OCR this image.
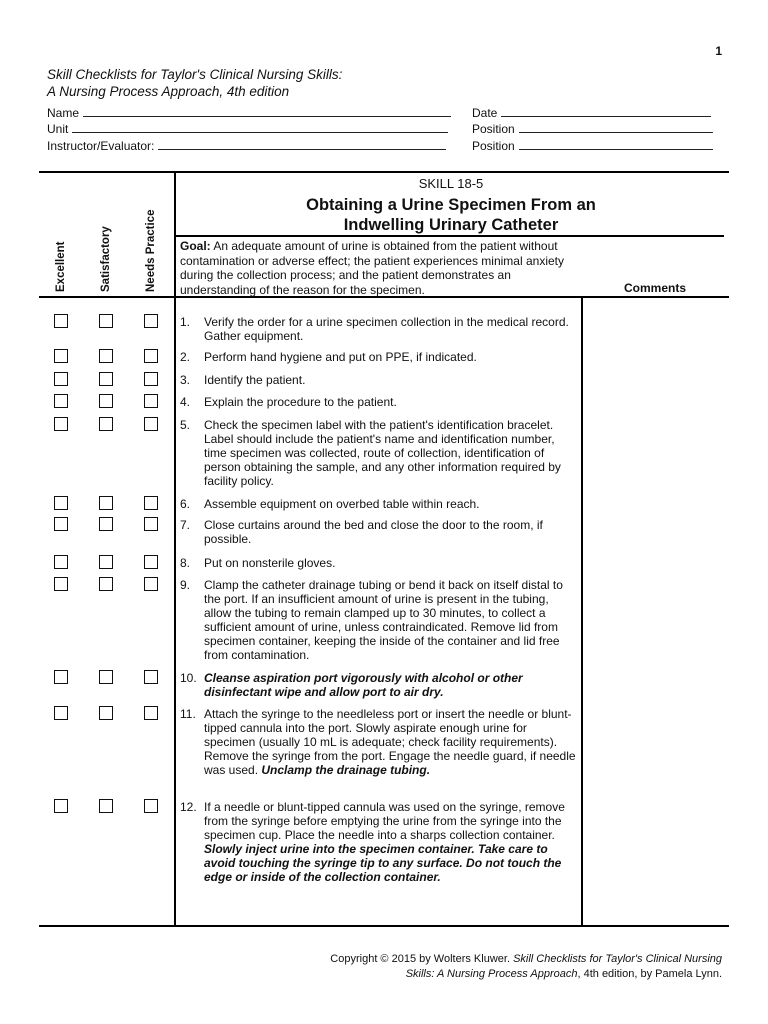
1
Skill Checklists for Taylor's Clinical Nursing Skills:
A Nursing Process Approach, 4th edition
Name
Unit
Instructor/Evaluator:
Date
Position
Position
Excellent	Satisfactory	Needs Practice
SKILL 18-5
Obtaining a Urine Specimen From an
Indwelling Urinary Catheter
Goal: An adequate amount of urine is obtained from the patient without contamination or adverse effect; the patient experiences minimal anxiety during the collection process; and the patient demonstrates an understanding of the reason for the specimen.	Comments
1.	Verify the order for a urine specimen collection in the medical record. Gather equipment.
2.	Perform hand hygiene and put on PPE, if indicated.
3.	Identify the patient.
4.	Explain the procedure to the patient.
5.	Check the specimen label with the patient's identification bracelet. Label should include the patient's name and identification number, time specimen was collected, route of collection, identification of person obtaining the sample, and any other information required by facility policy.
6.	Assemble equipment on overbed table within reach.
7.	Close curtains around the bed and close the door to the room, if possible.
8.	Put on nonsterile gloves.
9.	Clamp the catheter drainage tubing or bend it back on itself distal to the port. If an insufficient amount of urine is present in the tubing, allow the tubing to remain clamped up to 30 minutes, to collect a sufficient amount of urine, unless contraindicated. Remove lid from specimen container, keeping the inside of the container and lid free from contamination.
10. Cleanse aspiration port vigorously with alcohol or other disinfectant wipe and allow port to air dry.
11. Attach the syringe to the needleless port or insert the needle or blunt-tipped cannula into the port. Slowly aspirate enough urine for specimen (usually 10 mL is adequate; check facility requirements). Remove the syringe from the port. Engage the needle guard, if needle was used. Unclamp the drainage tubing.
12. If a needle or blunt-tipped cannula was used on the syringe, remove from the syringe before emptying the urine from the syringe into the specimen cup. Place the needle into a sharps collection container. Slowly inject urine into the specimen container. Take care to avoid touching the syringe tip to any surface. Do not touch the edge or inside of the collection container.
Copyright © 2015 by Wolters Kluwer. Skill Checklists for Taylor's Clinical Nursing Skills: A Nursing Process Approach, 4th edition, by Pamela Lynn.
